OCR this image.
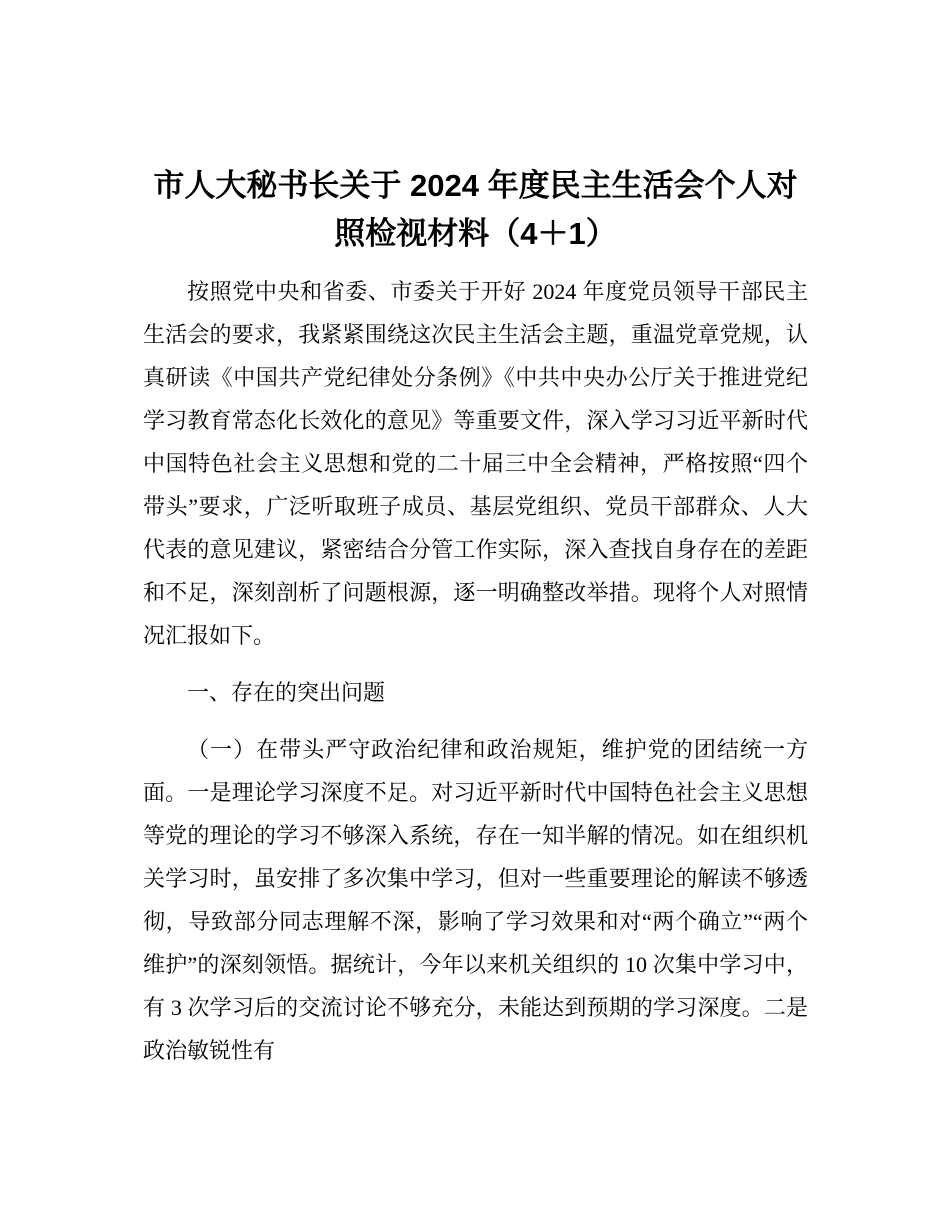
市人大秘书长关于 2024 年度民主生活会个人对照检视材料（4＋1）

按照党中央和省委、市委关于开好 2024 年度党员领导干部民主生活会的要求，我紧紧围绕这次民主生活会主题，重温党章党规，认真研读《中国共产党纪律处分条例》《中共中央办公厅关于推进党纪学习教育常态化长效化的意见》等重要文件，深入学习习近平新时代中国特色社会主义思想和党的二十届三中全会精神，严格按照“四个带头”要求，广泛听取班子成员、基层党组织、党员干部群众、人大代表的意见建议，紧密结合分管工作实际，深入查找自身存在的差距和不足，深刻剖析了问题根源，逐一明确整改举措。现将个人对照情况汇报如下。

一、存在的突出问题

（一）在带头严守政治纪律和政治规矩，维护党的团结统一方面。一是理论学习深度不足。对习近平新时代中国特色社会主义思想等党的理论的学习不够深入系统，存在一知半解的情况。如在组织机关学习时，虽安排了多次集中学习，但对一些重要理论的解读不够透彻，导致部分同志理解不深，影响了学习效果和对“两个确立”“两个维护”的深刻领悟。据统计，今年以来机关组织的 10 次集中学习中，有 3 次学习后的交流讨论不够充分，未能达到预期的学习深度。二是政治敏锐性有
